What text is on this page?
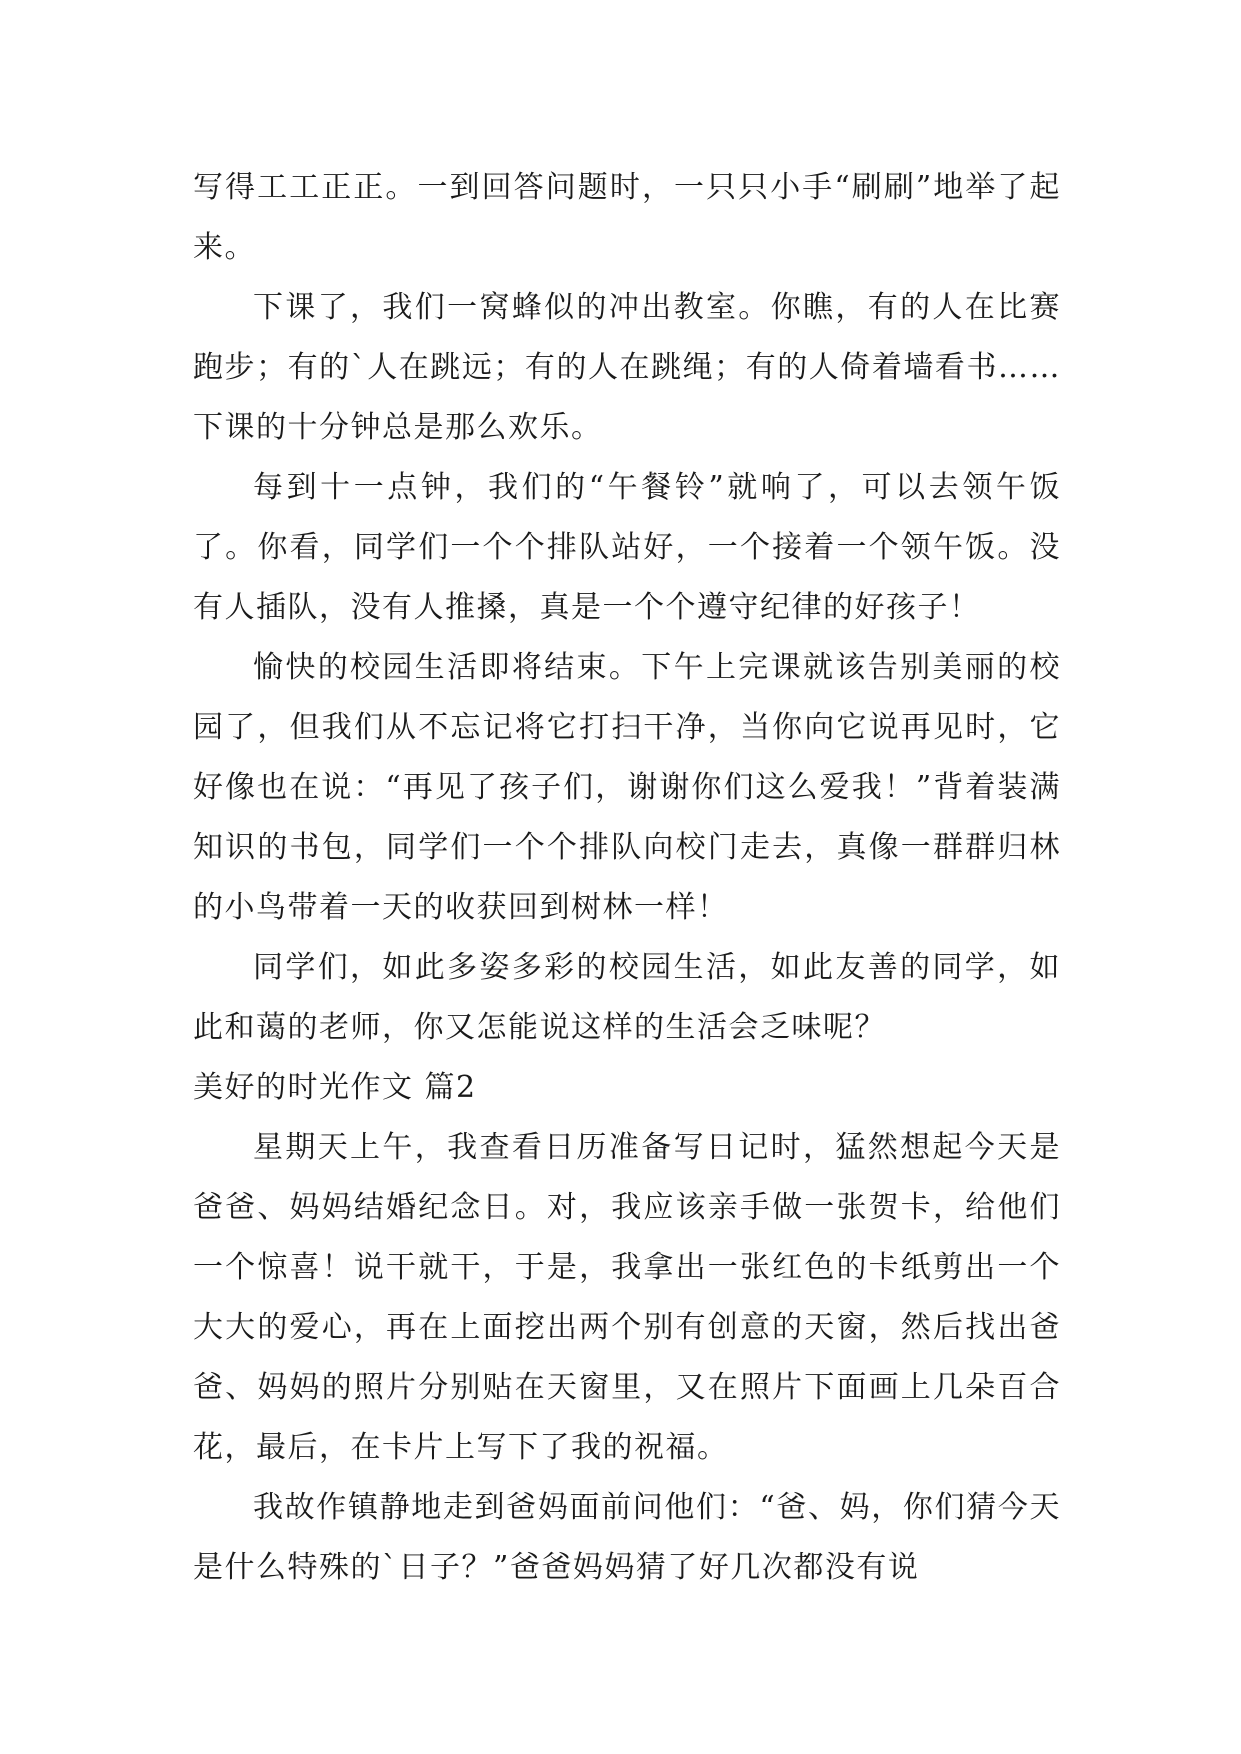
写得工工正正。一到回答问题时，一只只小手“刷刷”地举了起来。

下课了，我们一窝蜂似的冲出教室。你瞧，有的人在比赛跑步；有的`人在跳远；有的人在跳绳；有的人倚着墙看书……下课的十分钟总是那么欢乐。

每到十一点钟，我们的“午餐铃”就响了，可以去领午饭了。你看，同学们一个个排队站好，一个接着一个领午饭。没有人插队，没有人推搡，真是一个个遵守纪律的好孩子！

愉快的校园生活即将结束。下午上完课就该告别美丽的校园了，但我们从不忘记将它打扫干净，当你向它说再见时，它好像也在说：“再见了孩子们，谢谢你们这么爱我！”背着装满知识的书包，同学们一个个排队向校门走去，真像一群群归林的小鸟带着一天的收获回到树林一样！

同学们，如此多姿多彩的校园生活，如此友善的同学，如此和蔼的老师，你又怎能说这样的生活会乏味呢？

美好的时光作文 篇2

星期天上午，我查看日历准备写日记时，猛然想起今天是爸爸、妈妈结婚纪念日。对，我应该亲手做一张贺卡，给他们一个惊喜！说干就干，于是，我拿出一张红色的卡纸剪出一个大大的爱心，再在上面挖出两个别有创意的天窗，然后找出爸爸、妈妈的照片分别贴在天窗里，又在照片下面画上几朵百合花，最后，在卡片上写下了我的祝福。

我故作镇静地走到爸妈面前问他们：“爸、妈，你们猜今天是什么特殊的`日子？”爸爸妈妈猜了好几次都没有说
